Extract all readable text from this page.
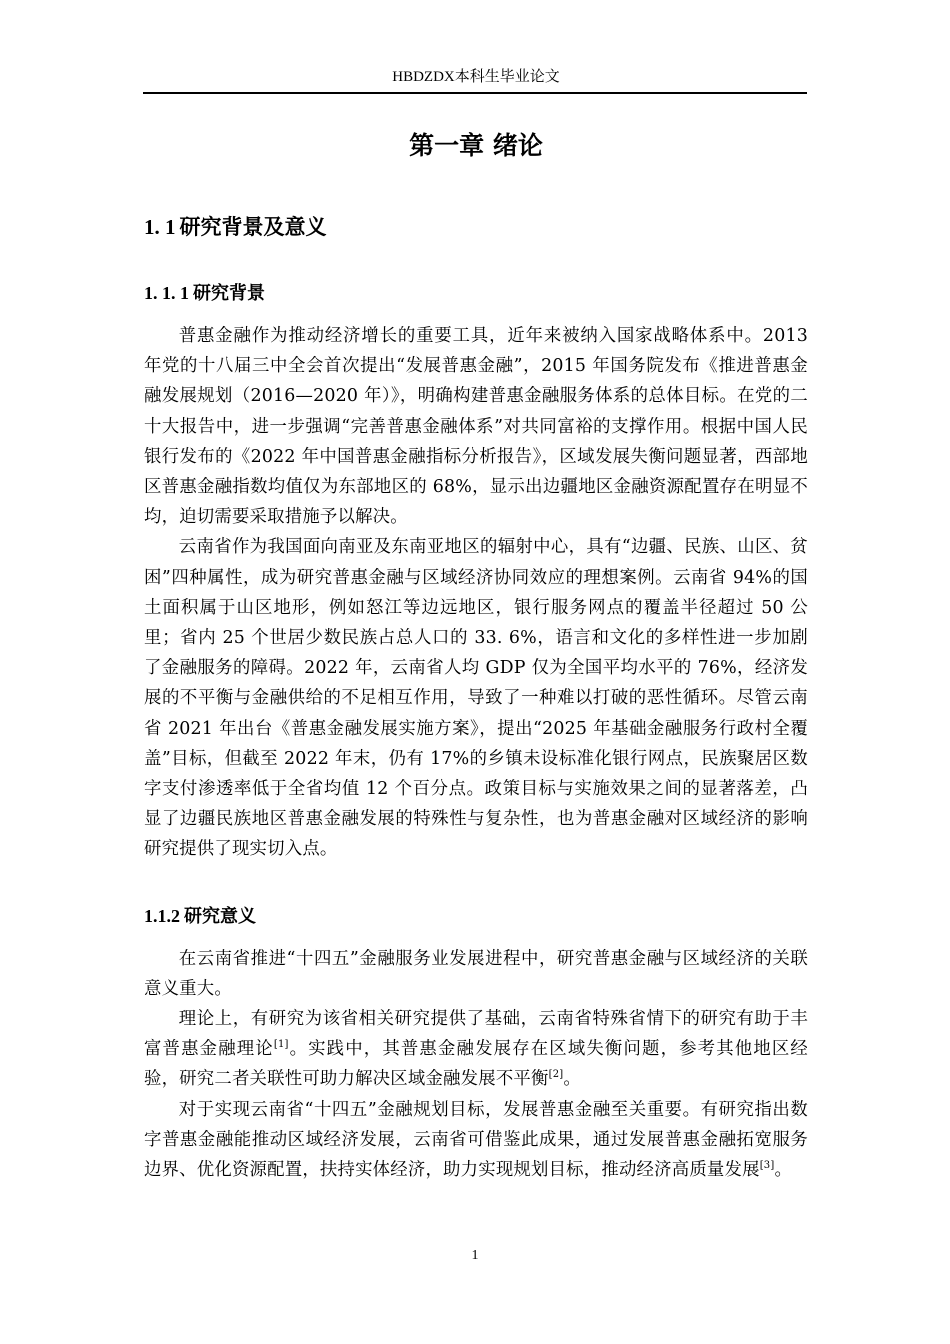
HBDZDX本科生毕业论文
第一章 绪论
1. 1 研究背景及意义
1. 1. 1 研究背景

普惠金融作为推动经济增长的重要工具，近年来被纳入国家战略体系中。2013 年党的十八届三中全会首次提出“发展普惠金融”，2015 年国务院发布《推进普惠金融发展规划（2016—2020 年）》，明确构建普惠金融服务体系的总体目标。在党的二十大报告中，进一步强调“完善普惠金融体系”对共同富裕的支撑作用。根据中国人民银行发布的《2022 年中国普惠金融指标分析报告》，区域发展失衡问题显著，西部地区普惠金融指数均值仅为东部地区的 68%，显示出边疆地区金融资源配置存在明显不均，迫切需要采取措施予以解决。

云南省作为我国面向南亚及东南亚地区的辐射中心，具有“边疆、民族、山区、贫困”四种属性，成为研究普惠金融与区域经济协同效应的理想案例。云南省 94%的国土面积属于山区地形，例如怒江等边远地区，银行服务网点的覆盖半径超过 50 公里；省内 25 个世居少数民族占总人口的 33. 6%，语言和文化的多样性进一步加剧了金融服务的障碍。2022 年，云南省人均 GDP 仅为全国平均水平的 76%，经济发展的不平衡与金融供给的不足相互作用，导致了一种难以打破的恶性循环。尽管云南省 2021 年出台《普惠金融发展实施方案》，提出“2025 年基础金融服务行政村全覆盖”目标，但截至 2022 年末，仍有 17%的乡镇未设标准化银行网点，民族聚居区数字支付渗透率低于全省均值 12 个百分点。政策目标与实施效果之间的显著落差，凸显了边疆民族地区普惠金融发展的特殊性与复杂性，也为普惠金融对区域经济的影响研究提供了现实切入点。

1.1.2 研究意义

在云南省推进“十四五”金融服务业发展进程中，研究普惠金融与区域经济的关联意义重大。

理论上，有研究为该省相关研究提供了基础，云南省特殊省情下的研究有助于丰富普惠金融理论[1]。实践中，其普惠金融发展存在区域失衡问题，参考其他地区经验，研究二者关联性可助力解决区域金融发展不平衡[2]。

对于实现云南省“十四五”金融规划目标，发展普惠金融至关重要。有研究指出数字普惠金融能推动区域经济发展，云南省可借鉴此成果，通过发展普惠金融拓宽服务边界、优化资源配置，扶持实体经济，助力实现规划目标，推动经济高质量发展[3]。

1
